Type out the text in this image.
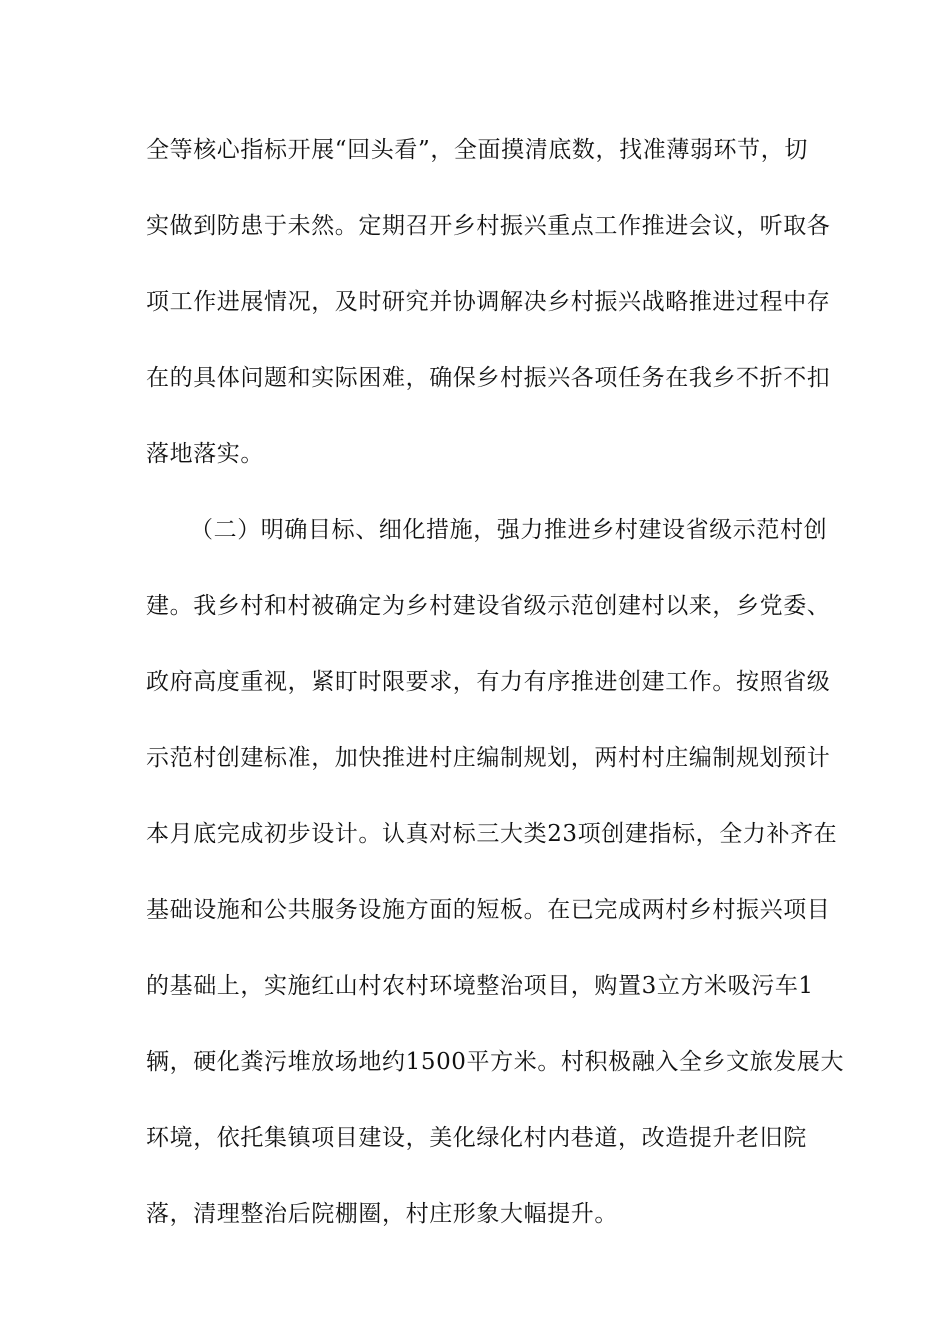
全等核心指标开展“回头看”，全面摸清底数，找准薄弱环节，切
实做到防患于未然。定期召开乡村振兴重点工作推进会议，听取各
项工作进展情况，及时研究并协调解决乡村振兴战略推进过程中存
在的具体问题和实际困难，确保乡村振兴各项任务在我乡不折不扣
落地落实。
（二）明确目标、细化措施，强力推进乡村建设省级示范村创
建。我乡村和村被确定为乡村建设省级示范创建村以来，乡党委、
政府高度重视，紧盯时限要求，有力有序推进创建工作。按照省级
示范村创建标准，加快推进村庄编制规划，两村村庄编制规划预计
本月底完成初步设计。认真对标三大类23项创建指标，全力补齐在
基础设施和公共服务设施方面的短板。在已完成两村乡村振兴项目
的基础上，实施红山村农村环境整治项目，购置3立方米吸污车1
辆，硬化粪污堆放场地约1500平方米。村积极融入全乡文旅发展大
环境，依托集镇项目建设，美化绿化村内巷道，改造提升老旧院
落，清理整治后院棚圈，村庄形象大幅提升。
